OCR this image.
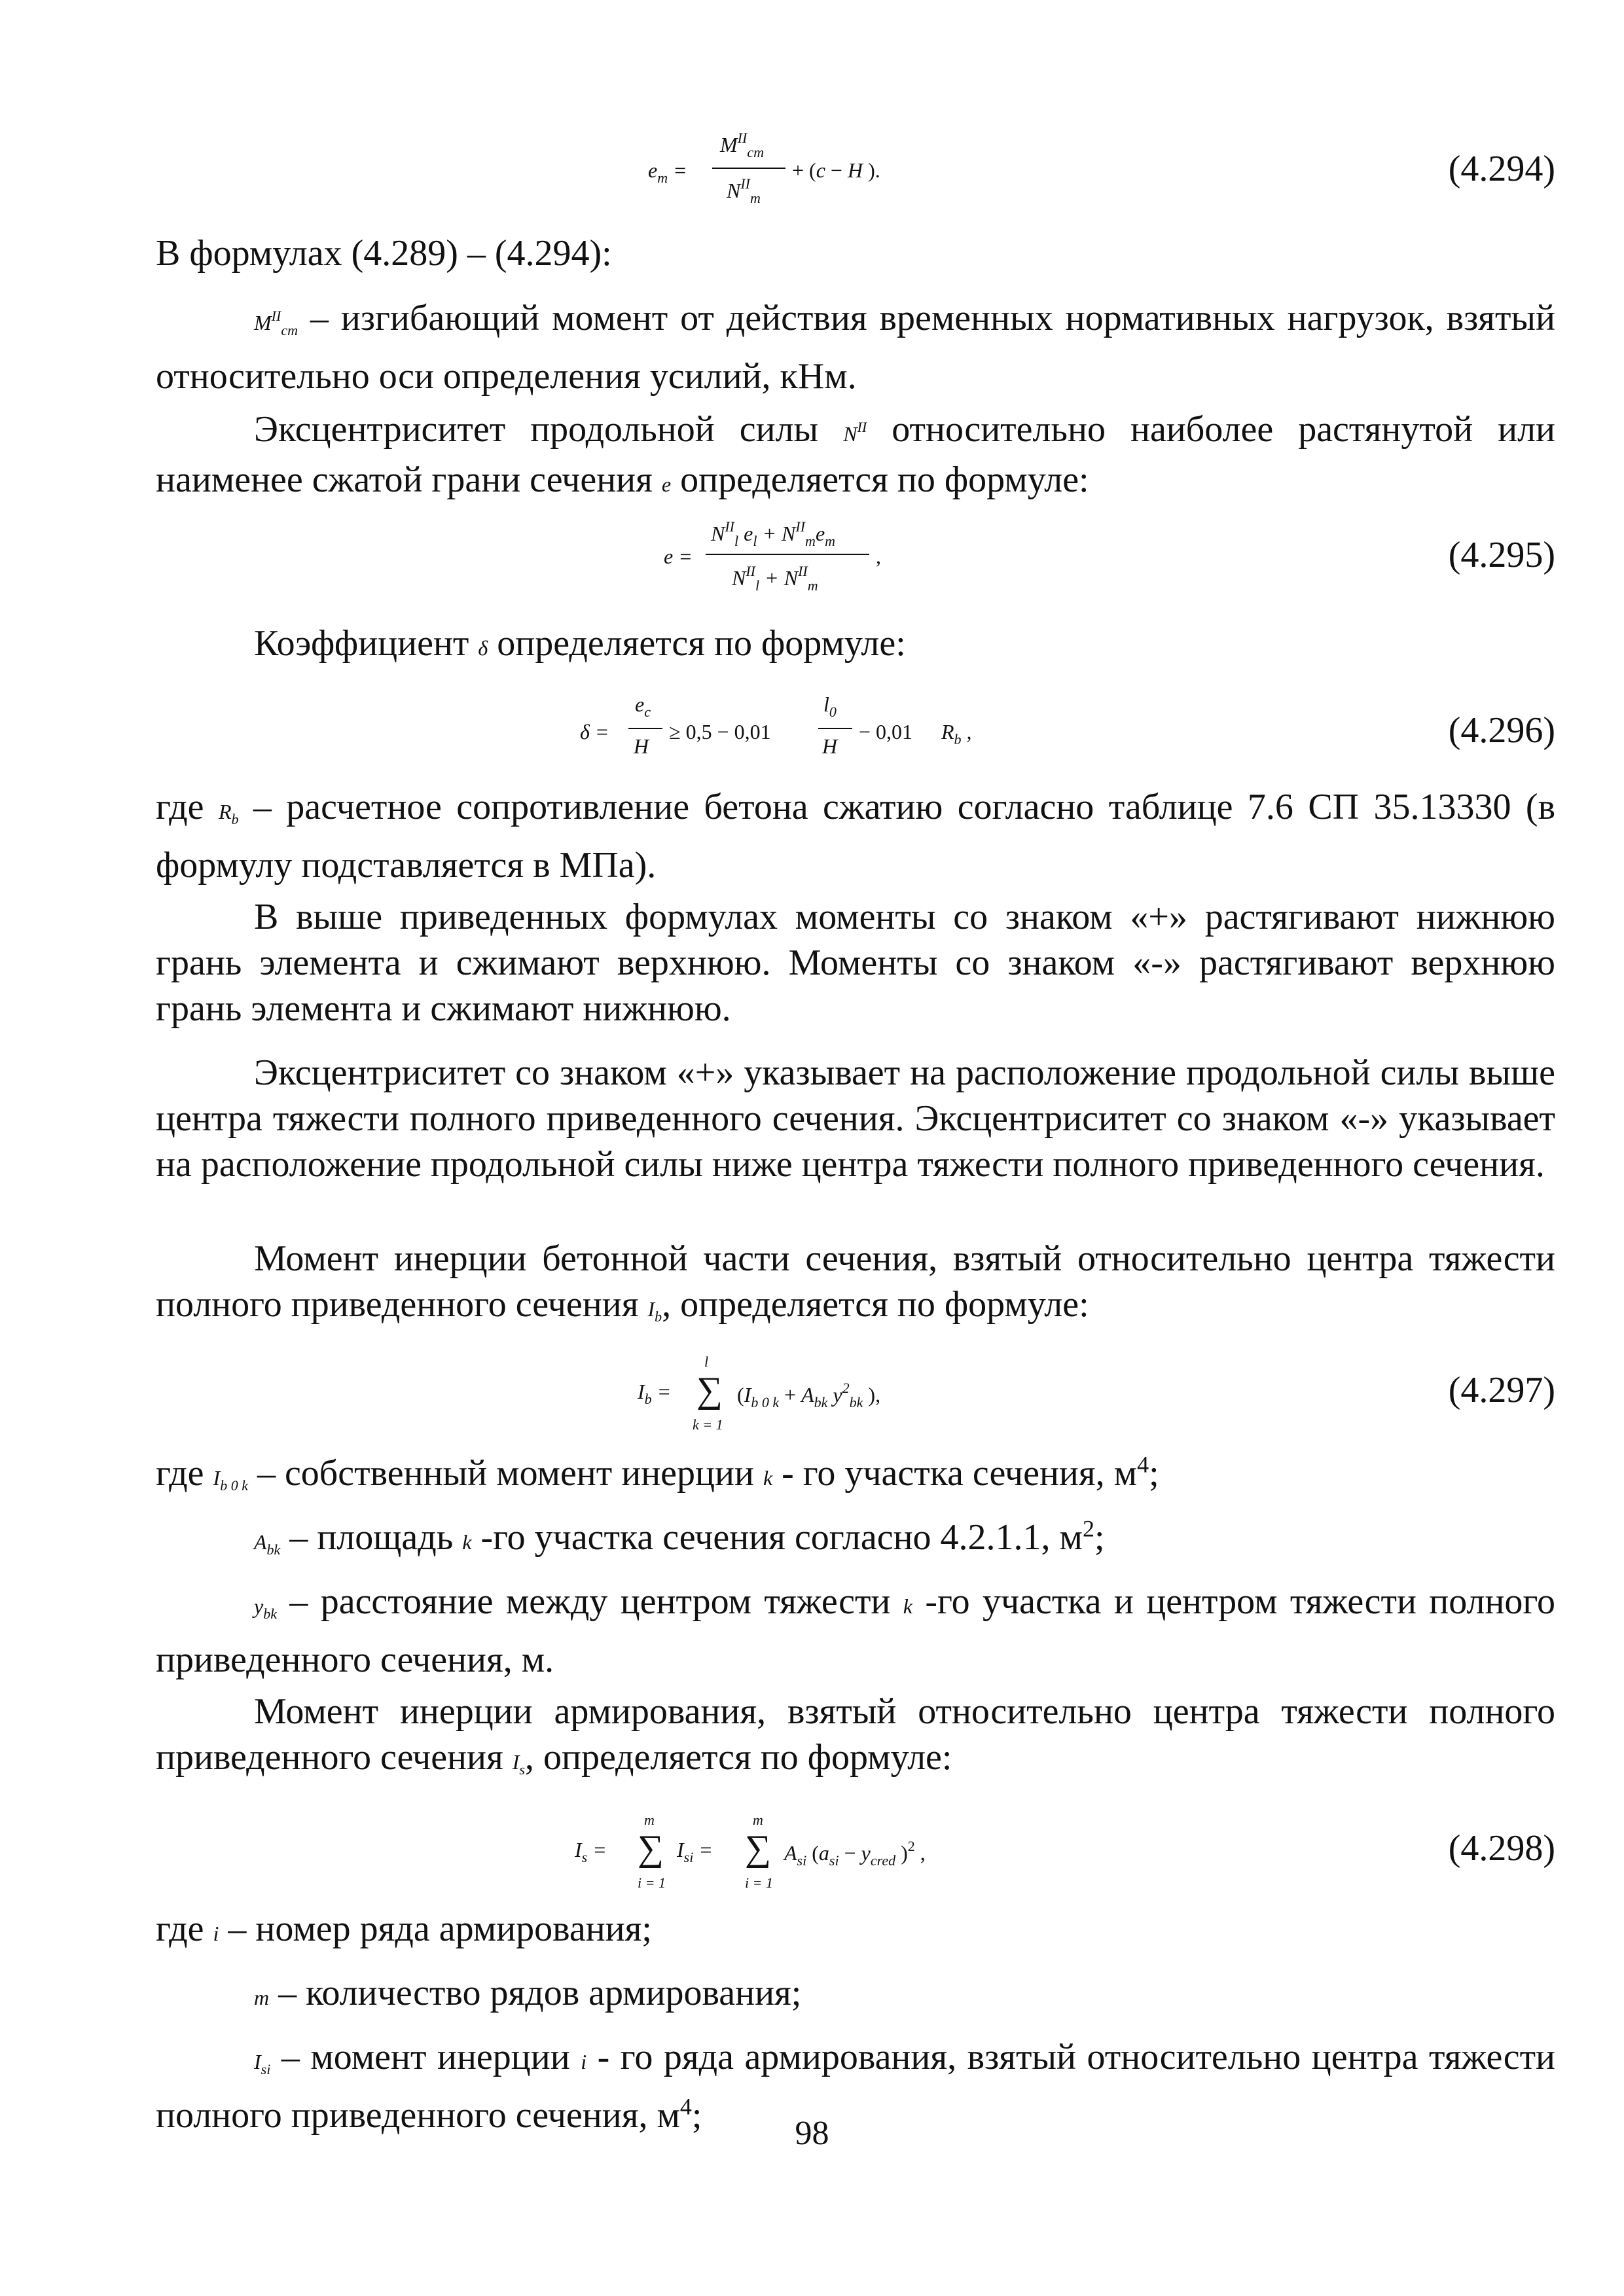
$e_m$ =
$M^{II}_{cm}$
$N^{II}_m$
+ (c − H ).	(4.294)
В формулах (4.289) – (4.294):
$M^{II}_{cm}$ – изгибающий момент от действия временных нормативных нагрузок, взятый относительно оси определения усилий, кНм.
Эксцентриситет продольной силы $N^{II}$ относительно наиболее растянутой или наименее сжатой грани сечения e определяется по формуле:
e =
$N^{II}_l$ $e_l + N^{II}_me_m$
$N^{II}_l + N^{II}_m$
,	(4.295)
Коэффициент δ определяется по формуле:
δ =
$e_c$
H
≥ 0,5 − 0,01
$l_0$
H
− 0,01 $R_b$ ,	(4.296)
где $R_b$ – расчетное сопротивление бетона сжатию согласно таблице 7.6 СП 35.13330 (в формулу подставляется в МПа).
В выше приведенных формулах моменты со знаком «+» растягивают нижнюю грань элемента и сжимают верхнюю. Моменты со знаком «-» растягивают верхнюю грань элемента и сжимают нижнюю.
Эксцентриситет со знаком «+» указывает на расположение продольной силы выше центра тяжести полного приведенного сечения. Эксцентриситет со знаком «-» указывает на расположение продольной силы ниже центра тяжести полного приведенного сечения.
Момент инерции бетонной части сечения, взятый относительно центра тяжести полного приведенного сечения $I_b$, определяется по формуле:
$I_b$ =
l
∑
k = 1
($I_{b 0 k} + A_{bk}$ $y^2_{bk}$ ),	(4.297)
где $I_{b 0 k}$ – собственный момент инерции k - го участка сечения, $м^4$;
$A_{bk}$ – площадь k -го участка сечения согласно 4.2.1.1, $м^2$;
$y_{bk}$ – расстояние между центром тяжести k -го участка и центром тяжести полного приведенного сечения, м.
Момент инерции армирования, взятый относительно центра тяжести полного приведенного сечения $I_s$, определяется по формуле:
$I_s$ =
m
∑
i = 1
$I_{si}$ =
m
∑
i = 1
$A_{si}$ ($a_{si} - y_{cred}$ )$^2$ ,	(4.298)
где i – номер ряда армирования;
m – количество рядов армирования;
$I_{si}$ – момент инерции i - го ряда армирования, взятый относительно центра тяжести полного приведенного сечения, $м^4$;	98
